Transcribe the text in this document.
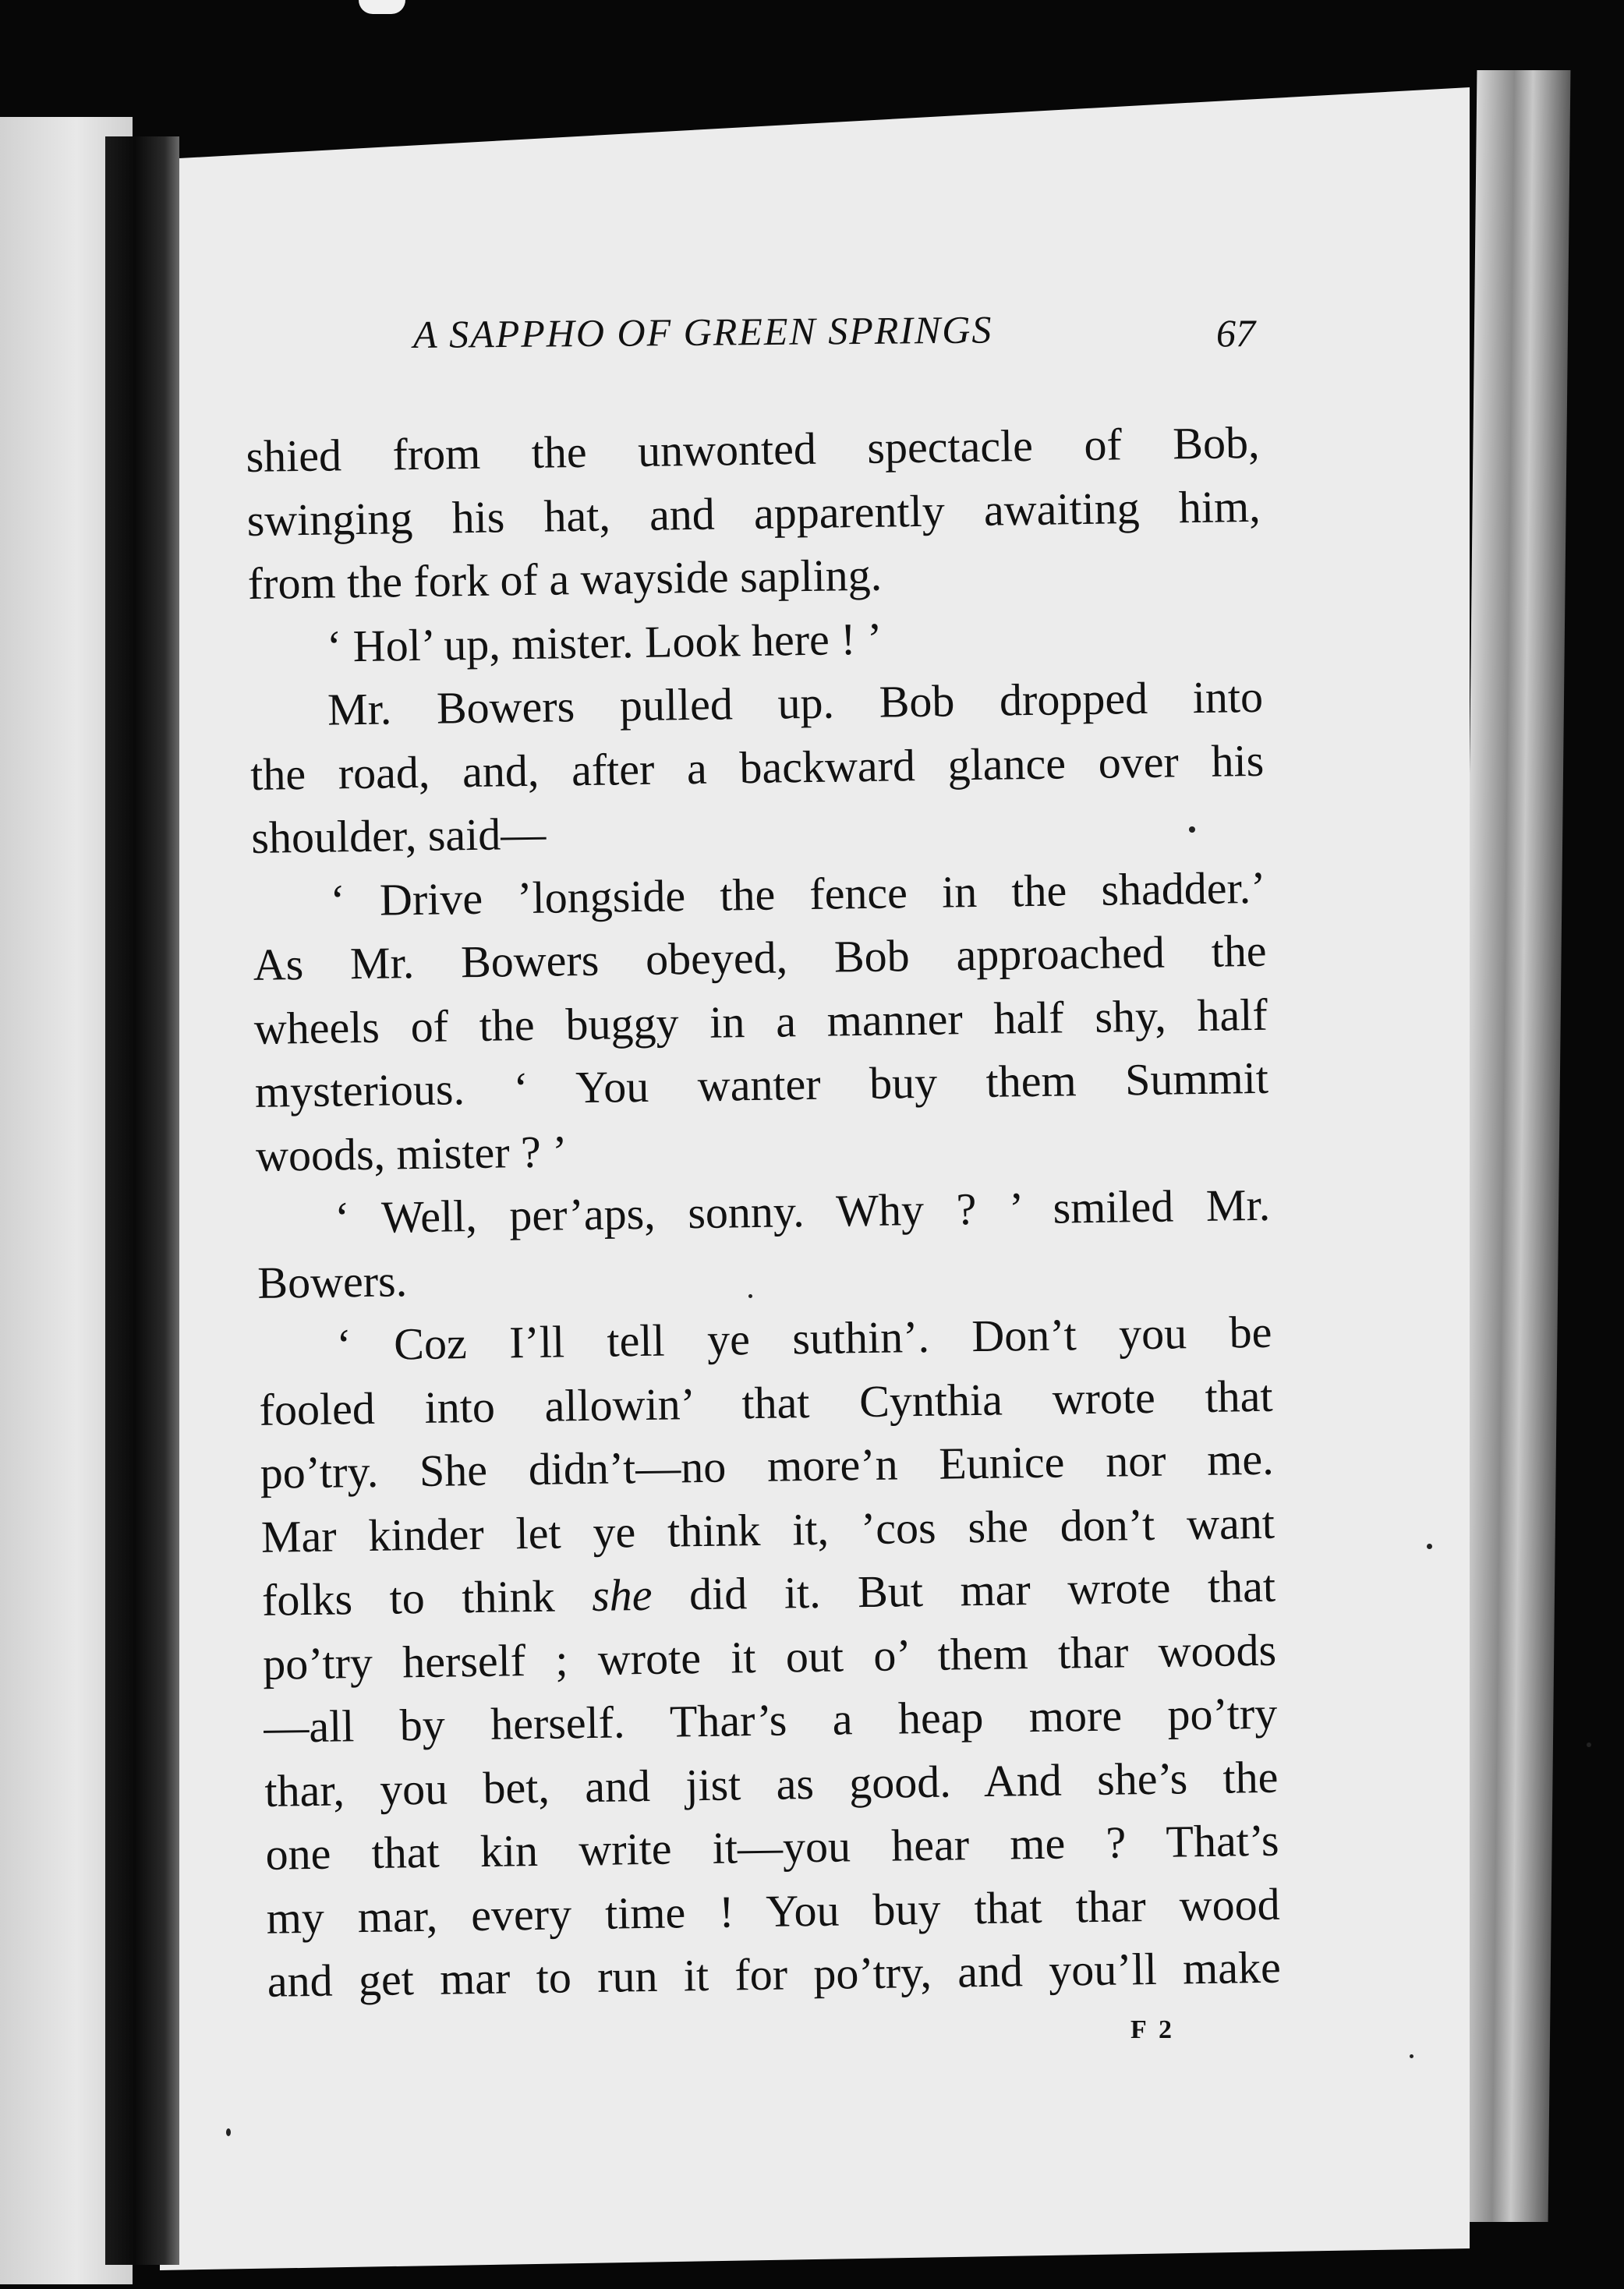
A SAPPHO OF GREEN SPRINGS	67
shied from the unwonted spectacle of Bob,
swinging his hat, and apparently awaiting him,
from the fork of a wayside sapling.
‘ Hol’ up, mister. Look here ! ’
Mr. Bowers pulled up. Bob dropped into
the road, and, after a backward glance over his
shoulder, said—
‘ Drive ’longside the fence in the shadder.’
As Mr. Bowers obeyed, Bob approached the
wheels of the buggy in a manner half shy, half
mysterious. ‘ You wanter buy them Summit
woods, mister ? ’
‘ Well, per’aps, sonny. Why ? ’ smiled Mr.
Bowers.
‘ Coz I’ll tell ye suthin’. Don’t you be
fooled into allowin’ that Cynthia wrote that
po’try. She didn’t—no more’n Eunice nor me.
Mar kinder let ye think it, ’cos she don’t want
folks to think she did it. But mar wrote that
po’try herself ; wrote it out o’ them thar woods
—all by herself. Thar’s a heap more po’try
thar, you bet, and jist as good. And she’s the
one that kin write it—you hear me ? That’s
my mar, every time ! You buy that thar wood
and get mar to run it for po’try, and you’ll make
F 2
